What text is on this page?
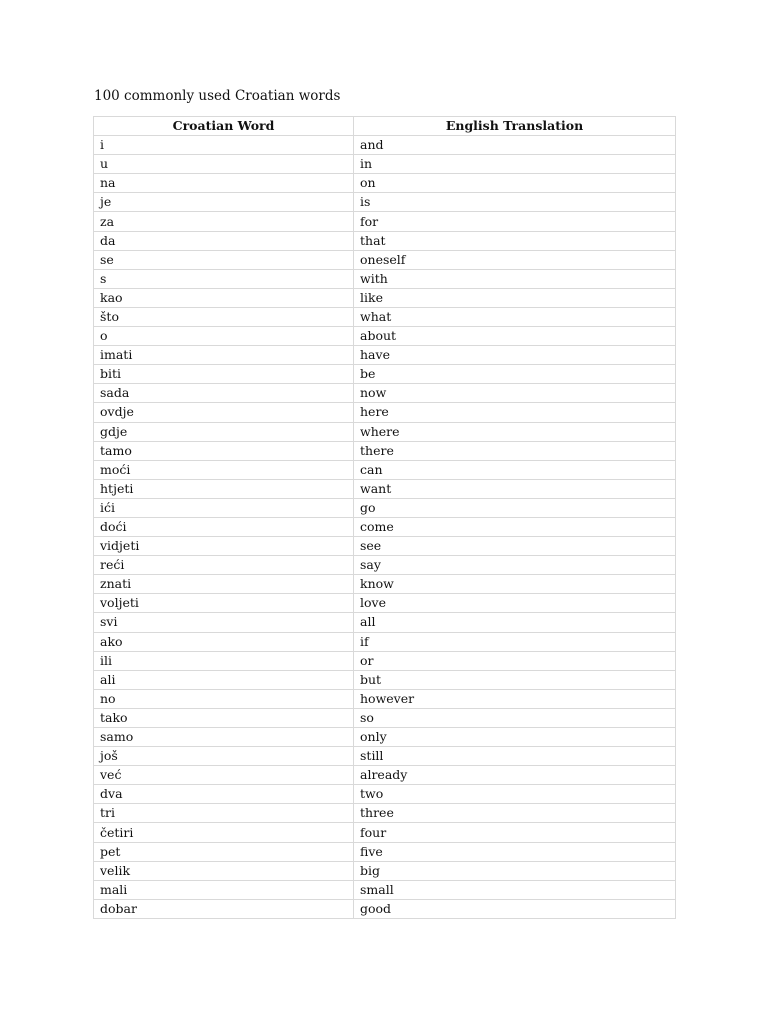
100 commonly used Croatian words
Croatian Word	English Translation
i	and
u	in
na	on
je	is
za	for
da	that
se	oneself
s	with
kao	like
što	what
o	about
imati	have
biti	be
sada	now
ovdje	here
gdje	where
tamo	there
moći	can
htjeti	want
ići	go
doći	come
vidjeti	see
reći	say
znati	know
voljeti	love
svi	all
ako	if
ili	or
ali	but
no	however
tako	so
samo	only
još	still
već	already
dva	two
tri	three
četiri	four
pet	five
velik	big
mali	small
dobar	good
